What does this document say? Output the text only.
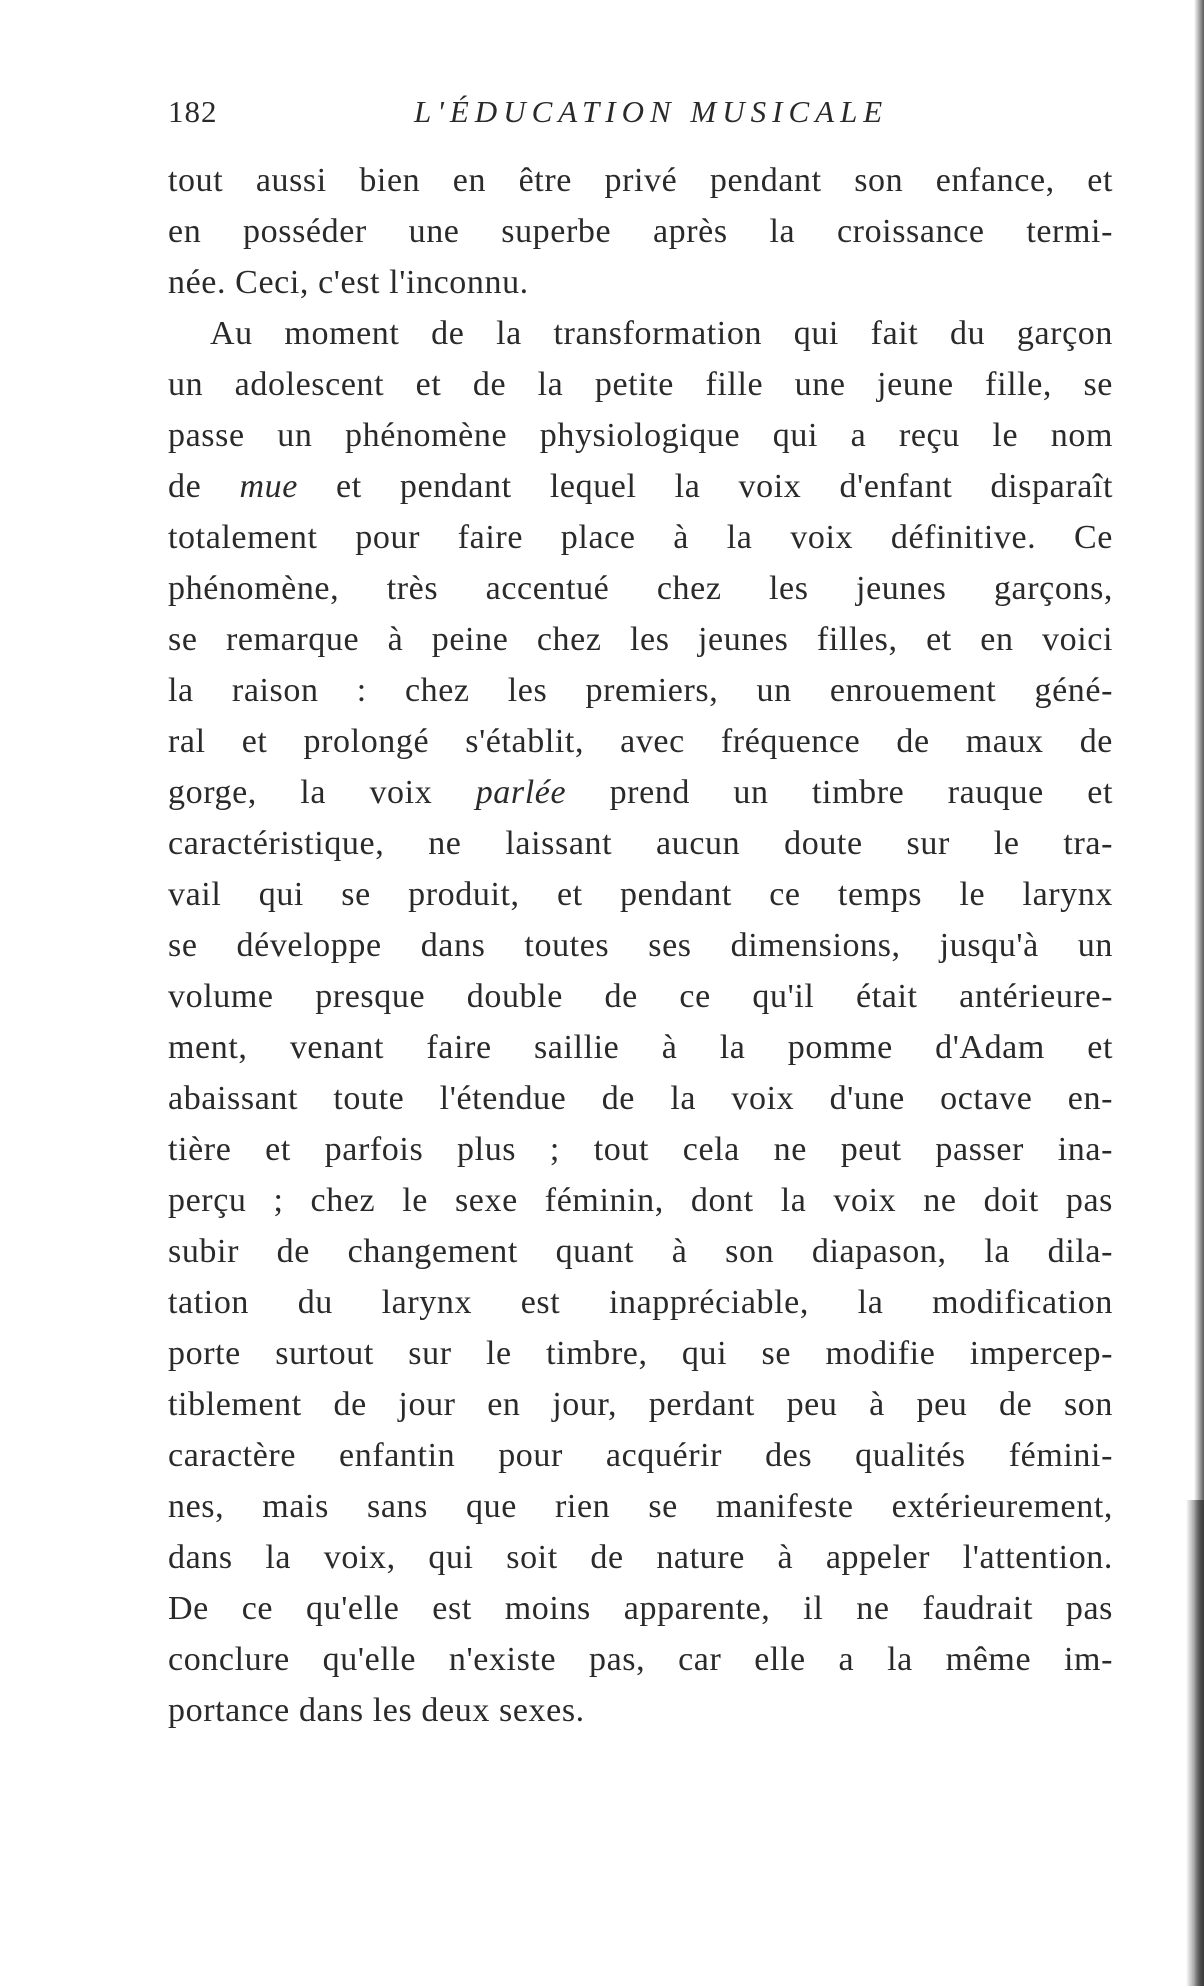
182	L'ÉDUCATION MUSICALE
tout aussi bien en être privé pendant son enfance, et
en posséder une superbe après la croissance termi-
née. Ceci, c'est l'inconnu.
Au moment de la transformation qui fait du garçon
un adolescent et de la petite fille une jeune fille, se
passe un phénomène physiologique qui a reçu le nom
de mue et pendant lequel la voix d'enfant disparaît
totalement pour faire place à la voix définitive. Ce
phénomène, très accentué chez les jeunes garçons,
se remarque à peine chez les jeunes filles, et en voici
la raison : chez les premiers, un enrouement géné-
ral et prolongé s'établit, avec fréquence de maux de
gorge, la voix parlée prend un timbre rauque et
caractéristique, ne laissant aucun doute sur le tra-
vail qui se produit, et pendant ce temps le larynx
se développe dans toutes ses dimensions, jusqu'à un
volume presque double de ce qu'il était antérieure-
ment, venant faire saillie à la pomme d'Adam et
abaissant toute l'étendue de la voix d'une octave en-
tière et parfois plus ; tout cela ne peut passer ina-
perçu ; chez le sexe féminin, dont la voix ne doit pas
subir de changement quant à son diapason, la dila-
tation du larynx est inappréciable, la modification
porte surtout sur le timbre, qui se modifie impercep-
tiblement de jour en jour, perdant peu à peu de son
caractère enfantin pour acquérir des qualités fémini-
nes, mais sans que rien se manifeste extérieurement,
dans la voix, qui soit de nature à appeler l'attention.
De ce qu'elle est moins apparente, il ne faudrait pas
conclure qu'elle n'existe pas, car elle a la même im-
portance dans les deux sexes.
